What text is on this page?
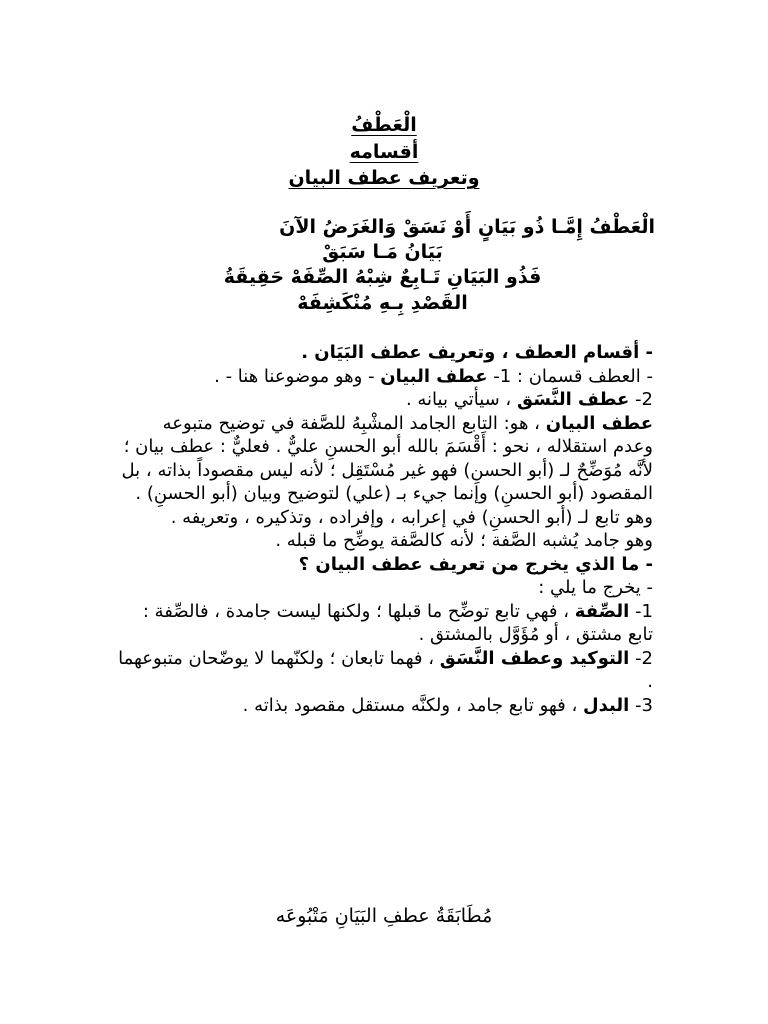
الْعَطْفُ
أقسامه
وتعريف عطف البيان
الْعَطْفُ إِمَّـا ذُو بَيَانٍ أَوْ نَسَقْ وَالغَرَضُ الآنَ
بَيَانُ مَـا سَبَقْ
فَذُو البَيَانِ تَـابِعٌ شِبْهُ الصِّفَهْ حَقِيقَةُ
القَصْدِ بِـهِ مُنْكَشِفَهْ

- أقسام العطف ، وتعريف عطف البَيَان .

- العطف قسمان : 1- عطف البيان - وهو موضوعنا هنا - .

2- عطف النَّسَق ، سيأتي بيانه .

عطف البيان ، هو: التابع الجامد المشْبِهُ للصَّفة في توضيح متبوعه وعدم استقلاله ، نحو : أَقْسَمَ بالله أبو الحسنِ عليٌّ . فعليٌّ : عطف بيان ؛ لأنَّه مُوَضِّحٌ لـ (أبو الحسنِ) فهو غير مُسْتَقِل ؛ لأنه ليس مقصوداً بذاته ، بل المقصود (أبو الحسنِ) وإنما جيء بـ (علي) لتوضيح وبيان (أبو الحسنِ) .

وهو تابع لـ (أبو الحسنِ) في إعرابه ، وإفراده ، وتذكيره ، وتعريفه .

وهو جامد يُشبه الصَّفة ؛ لأنه كالصَّفة يوضِّح ما قبله .

- ما الذي يخرج من تعريف عطف البيان ؟

- يخرج ما يلي :

1- الصِّفة ، فهي تابع توضِّح ما قبلها ؛ ولكنها ليست جامدة ، فالصِّفة : تابع مشتق ، أو مُؤَوَّل بالمشتق .

2- التوكيد وعطف النَّسَق ، فهما تابعان ؛ ولكنّهما لا يوضّحان متبوعهما .

3- البدل ، فهو تابع جامد ، ولكنَّه مستقل مقصود بذاته .

مُطَابَقَةُ عطفِ البَيَانِ مَتْبُوعَه
